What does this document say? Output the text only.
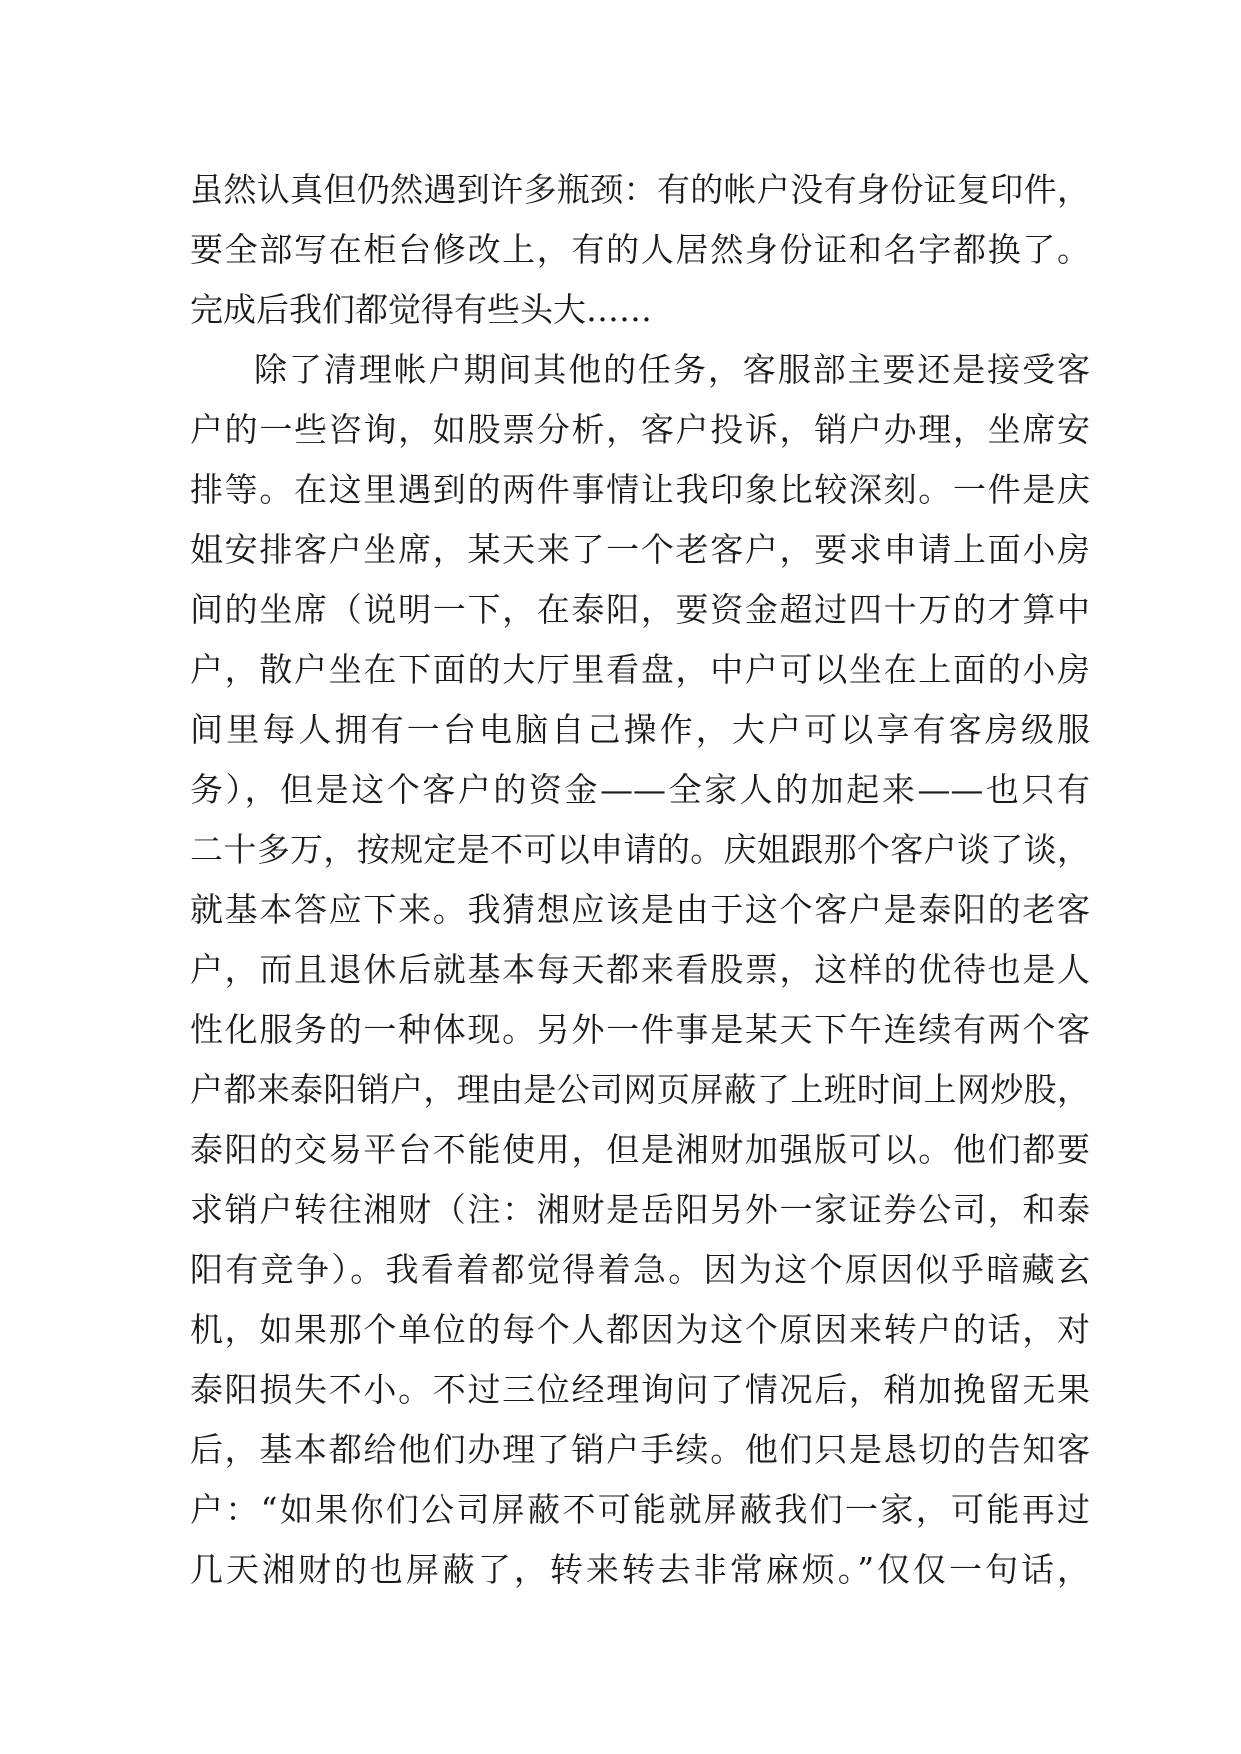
虽然认真但仍然遇到许多瓶颈：有的帐户没有身份证复印件，
要全部写在柜台修改上，有的人居然身份证和名字都换了。
完成后我们都觉得有些头大……
除了清理帐户期间其他的任务，客服部主要还是接受客
户的一些咨询，如股票分析，客户投诉，销户办理，坐席安
排等。在这里遇到的两件事情让我印象比较深刻。一件是庆
姐安排客户坐席，某天来了一个老客户，要求申请上面小房
间的坐席（说明一下，在泰阳，要资金超过四十万的才算中
户，散户坐在下面的大厅里看盘，中户可以坐在上面的小房
间里每人拥有一台电脑自己操作，大户可以享有客房级服
务），但是这个客户的资金——全家人的加起来——也只有
二十多万，按规定是不可以申请的。庆姐跟那个客户谈了谈，
就基本答应下来。我猜想应该是由于这个客户是泰阳的老客
户，而且退休后就基本每天都来看股票，这样的优待也是人
性化服务的一种体现。另外一件事是某天下午连续有两个客
户都来泰阳销户，理由是公司网页屏蔽了上班时间上网炒股，
泰阳的交易平台不能使用，但是湘财加强版可以。他们都要
求销户转往湘财（注：湘财是岳阳另外一家证券公司，和泰
阳有竞争）。我看着都觉得着急。因为这个原因似乎暗藏玄
机，如果那个单位的每个人都因为这个原因来转户的话，对
泰阳损失不小。不过三位经理询问了情况后，稍加挽留无果
后，基本都给他们办理了销户手续。他们只是恳切的告知客
户：“如果你们公司屏蔽不可能就屏蔽我们一家，可能再过
几天湘财的也屏蔽了，转来转去非常麻烦。”仅仅一句话，
